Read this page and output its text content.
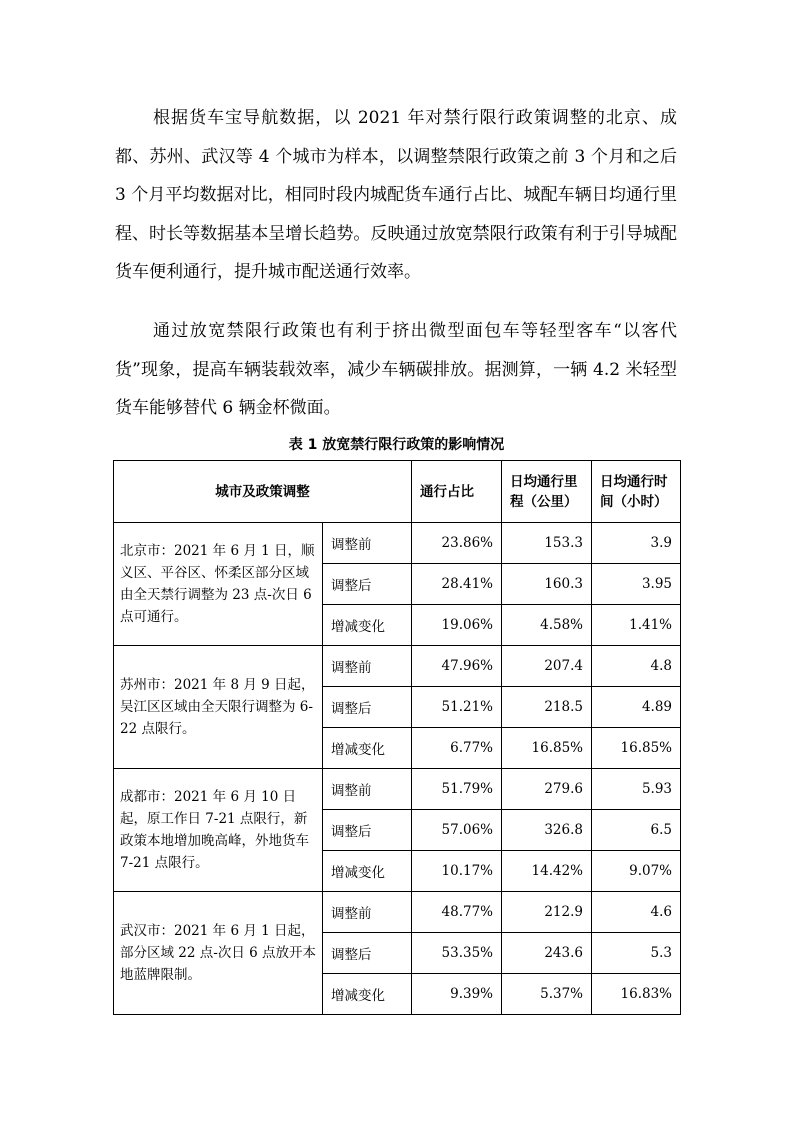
根据货车宝导航数据，以 2021 年对禁行限行政策调整的北京、成都、苏州、武汉等 4 个城市为样本，以调整禁限行政策之前 3 个月和之后 3 个月平均数据对比，相同时段内城配货车通行占比、城配车辆日均通行里程、时长等数据基本呈增长趋势。反映通过放宽禁限行政策有利于引导城配货车便利通行，提升城市配送通行效率。

通过放宽禁限行政策也有利于挤出微型面包车等轻型客车“以客代货”现象，提高车辆装载效率，减少车辆碳排放。据测算，一辆 4.2 米轻型货车能够替代 6 辆金杯微面。

表 1 放宽禁行限行政策的影响情况
城市及政策调整		通行占比	日均通行里程（公里）	日均通行时间（小时）
北京市：2021 年 6 月 1 日，顺义区、平谷区、怀柔区部分区域由全天禁行调整为 23 点-次日 6 点可通行。	调整前	23.86%	153.3	3.9
	调整后	28.41%	160.3	3.95
	增减变化	19.06%	4.58%	1.41%
苏州市：2021 年 8 月 9 日起，吴江区区域由全天限行调整为 6-22 点限行。	调整前	47.96%	207.4	4.8
	调整后	51.21%	218.5	4.89
	增减变化	6.77%	16.85%	16.85%
成都市：2021 年 6 月 10 日起，原工作日 7-21 点限行，新政策本地增加晚高峰，外地货车 7-21 点限行。	调整前	51.79%	279.6	5.93
	调整后	57.06%	326.8	6.5
	增减变化	10.17%	14.42%	9.07%
武汉市：2021 年 6 月 1 日起，部分区域 22 点-次日 6 点放开本地蓝牌限制。	调整前	48.77%	212.9	4.6
	调整后	53.35%	243.6	5.3
	增减变化	9.39%	5.37%	16.83%
